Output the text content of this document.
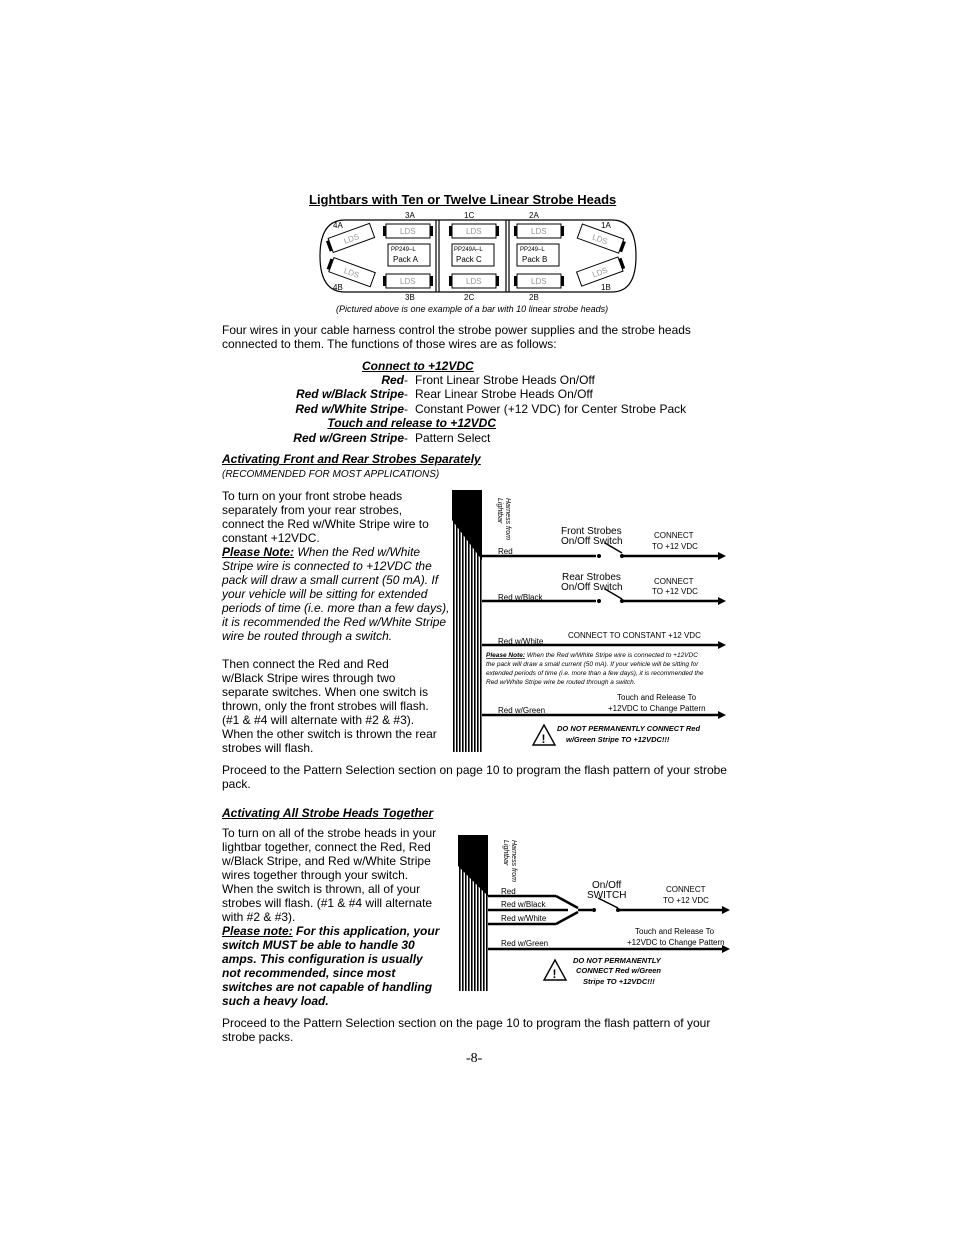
Lightbars with Ten or Twelve Linear Strobe Heads
LDS
LDS
LDS
LDS
LDS	LDS	LDS
LDS	LDS	LDS
PP249–L
Pack A
PP249A–L
Pack C
PP249–L
Pack B
3A	1C	2A
4A	1A
4B	1B
3B	2C	2B
(Pictured above is one example of a bar with 10 linear strobe heads)
Four wires in your cable harness control the strobe power supplies and the strobe heads
connected to them. The functions of those wires are as follows:
Connect to +12VDC
Red - Front Linear Strobe Heads On/Off
Red w/Black Stripe - Rear Linear Strobe Heads On/Off
Red w/White Stripe - Constant Power (+12 VDC) for Center Strobe Pack
Touch and release to +12VDC
Red w/Green Stripe - Pattern Select
Activating Front and Rear Strobes Separately
(RECOMMENDED FOR MOST APPLICATIONS)
To turn on your front strobe heads
separately from your rear strobes,
connect the Red w/White Stripe wire to
constant +12VDC.
Please Note: When the Red w/White
Stripe wire is connected to +12VDC the
pack will draw a small current (50 mA). If
your vehicle will be sitting for extended
periods of time (i.e. more than a few days),
it is recommended the Red w/White Stripe
wire be routed through a switch.
Then connect the Red and Red
w/Black Stripe wires through two
separate switches. When one switch is
thrown, only the front strobes will flash.
(#1 & #4 will alternate with #2 & #3).
When the other switch is thrown the rear
strobes will flash.
Harness from
Lightbar
Red
Red w/Black
Red w/White
Red w/Green
Front Strobes
On/Off Switch
Rear Strobes
On/Off Switch
CONNECT
TO +12 VDC
CONNECT
TO +12 VDC
CONNECT TO CONSTANT +12 VDC
Please Note: When the Red w/White Stripe wire is connected to +12VDC
the pack will draw a small current (50 mA). If your vehicle will be sitting for
extended periods of time (i.e. more than a few days), it is recommended the
Red w/White Stripe wire be routed through a switch.
Touch and Release To
+12VDC to Change Pattern
!
DO NOT PERMANENTLY CONNECT Red
w/Green Stripe TO +12VDC!!!
Proceed to the Pattern Selection section on page 10 to program the flash pattern of your strobe
pack.
Activating All Strobe Heads Together
To turn on all of the strobe heads in your
lightbar together, connect the Red, Red
w/Black Stripe, and Red w/White Stripe
wires together through your switch.
When the switch is thrown, all of your
strobes will flash. (#1 & #4 will alternate
with #2 & #3).
Please note: For this application, your
switch MUST be able to handle 30
amps. This configuration is usually
not recommended, since most
switches are not capable of handling
such a heavy load.
Harness from
Lightbar
Red
Red w/Black
Red w/White
Red w/Green
On/Off
SWITCH
CONNECT
TO +12 VDC
Touch and Release To
+12VDC to Change Pattern
!
DO NOT PERMANENTLY
CONNECT Red w/Green
Stripe TO +12VDC!!!
Proceed to the Pattern Selection section on the page 10 to program the flash pattern of your
strobe packs.
-8-
